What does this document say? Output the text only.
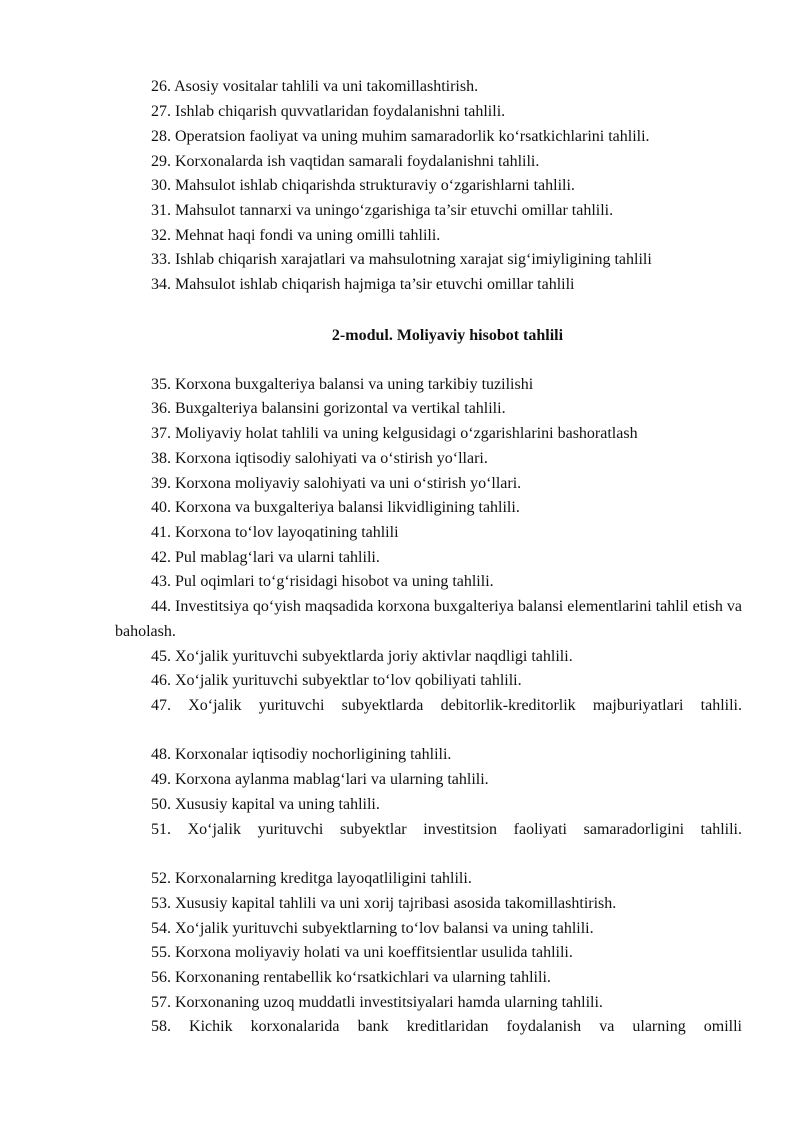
26. Asosiy vositalar tahlili va uni takomillashtirish.
27. Ishlab chiqarish quvvatlaridan foydalanishni tahlili.
28. Operatsion faoliyat va uning muhim samaradorlik ko‘rsatkichlarini tahlili.
29. Korxonalarda ish vaqtidan samarali foydalanishni tahlili.
30. Mahsulot ishlab chiqarishda strukturaviy o‘zgarishlarni tahlili.
31. Mahsulot tannarxi va uningo‘zgarishiga ta’sir etuvchi omillar tahlili.
32. Mehnat haqi fondi va uning omilli tahlili.
33. Ishlab chiqarish xarajatlari va mahsulotning xarajat sig‘imiyligining tahlili
34. Mahsulot ishlab chiqarish hajmiga ta’sir etuvchi omillar tahlili
2-modul. Moliyaviy hisobot tahlili
35. Korxona buxgalteriya balansi va uning tarkibiy tuzilishi
36. Buxgalteriya balansini gorizontal va vertikal tahlili.
37. Moliyaviy holat tahlili va uning kelgusidagi o‘zgarishlarini bashoratlash
38. Korxona iqtisodiy salohiyati va o‘stirish yo‘llari.
39. Korxona moliyaviy salohiyati va uni o‘stirish yo‘llari.
40. Korxona va buxgalteriya balansi likvidligining tahlili.
41. Korxona to‘lov layoqatining tahlili
42. Pul mablag‘lari va ularni tahlili.
43. Pul oqimlari to‘g‘risidagi hisobot va uning tahlili.
44. Investitsiya qo‘yish maqsadida korxona buxgalteriya balansi elementlarini tahlil etish va baholash.
45. Xo‘jalik yurituvchi subyektlarda joriy aktivlar naqdligi tahlili.
46. Xo‘jalik yurituvchi subyektlar to‘lov qobiliyati tahlili.
47. Xo‘jalik yurituvchi subyektlarda debitorlik-kreditorlik majburiyatlari tahlili.
48. Korxonalar iqtisodiy nochorligining tahlili.
49. Korxona aylanma mablag‘lari va ularning tahlili.
50. Xususiy kapital va uning tahlili.
51. Xo‘jalik yurituvchi subyektlar investitsion faoliyati samaradorligini tahlili.
52. Korxonalarning kreditga layoqatliligini tahlili.
53. Xususiy kapital tahlili va uni xorij tajribasi asosida takomillashtirish.
54. Xo‘jalik yurituvchi subyektlarning to‘lov balansi va uning tahlili.
55. Korxona moliyaviy holati va uni koeffitsientlar usulida tahlili.
56. Korxonaning rentabellik ko‘rsatkichlari va ularning tahlili.
57. Korxonaning uzoq muddatli investitsiyalari hamda ularning tahlili.
58. Kichik korxonalarida bank kreditlaridan foydalanish va ularning omilli
